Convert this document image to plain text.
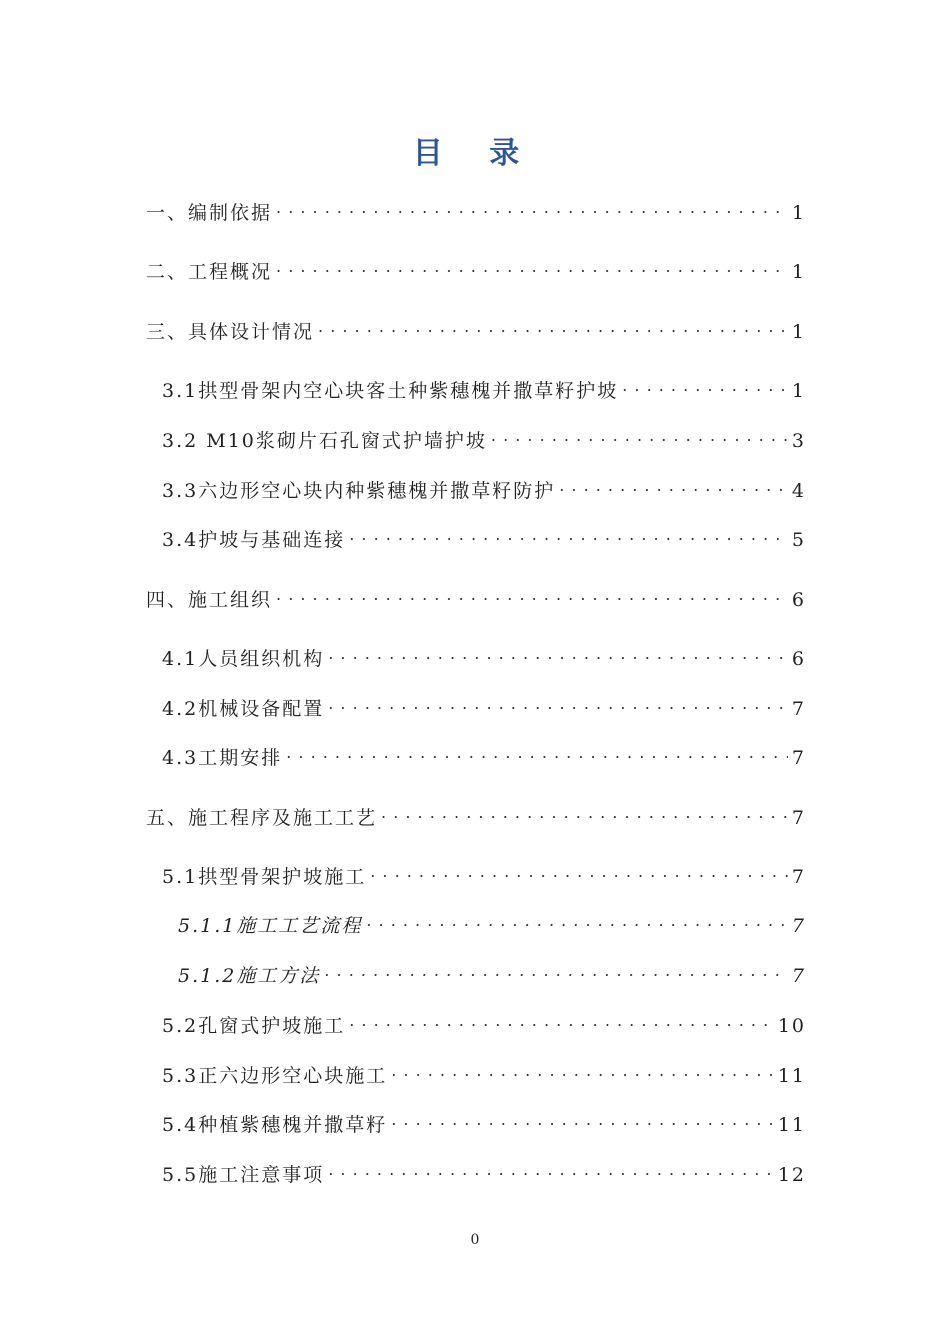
目 录
一、编制依据 . . .	1
二、工程概况 . . .	1
三、具体设计情况 . . .	1
3.1拱型骨架内空心块客土种紫穗槐并撒草籽护坡 . . .	1
3.2 M10浆砌片石孔窗式护墙护坡 . . .	3
3.3六边形空心块内种紫穗槐并撒草籽防护 . . .	4
3.4护坡与基础连接 . . .	5
四、施工组织 . . .	6
4.1人员组织机构 . . .	6
4.2机械设备配置 . . .	7
4.3工期安排 . . .	7
五、施工程序及施工工艺 . . .	7
5.1拱型骨架护坡施工 . . .	7
5.1.1施工工艺流程 . . .	7
5.1.2施工方法 . . .	7
5.2孔窗式护坡施工 . . .	10
5.3正六边形空心块施工 . . .	11
5.4种植紫穗槐并撒草籽 . . .	11
5.5施工注意事项 . . .	12
0
